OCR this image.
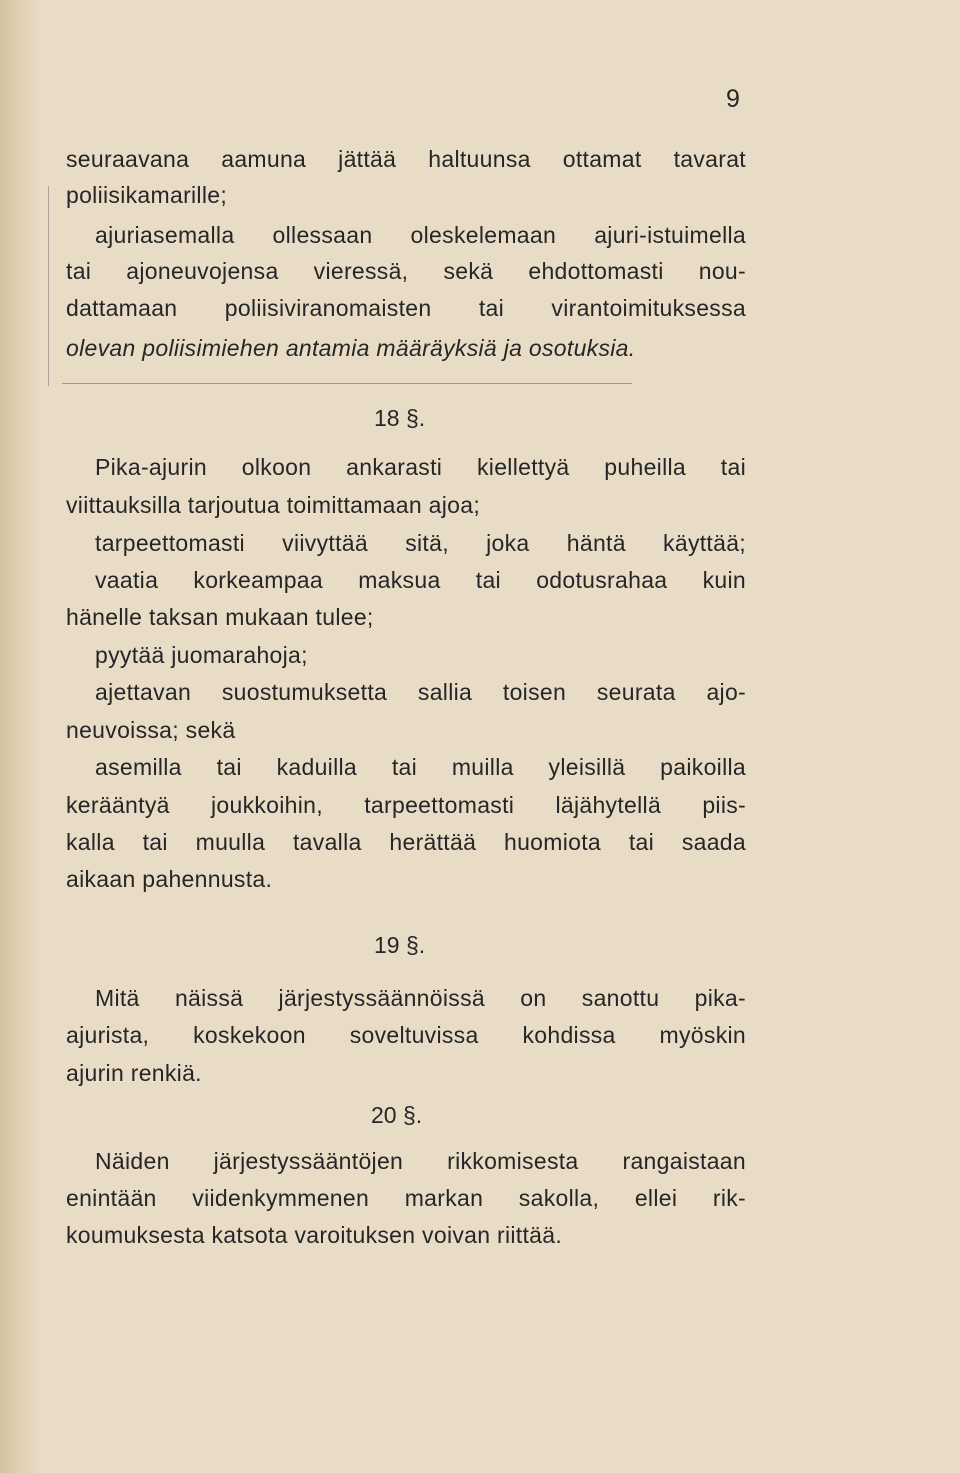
9
seuraavana aamuna jättää haltuunsa ottamat tavarat
poliisikamarille;
ajuriasemalla ollessaan oleskelemaan ajuri-istuimella
tai ajoneuvojensa vieressä, sekä ehdottomasti nou-
dattamaan poliisiviranomaisten tai virantoimituksessa
olevan poliisimiehen antamia määräyksiä ja osotuksia.
18 §.
Pika-ajurin olkoon ankarasti kiellettyä puheilla tai
viittauksilla tarjoutua toimittamaan ajoa;
tarpeettomasti viivyttää sitä, joka häntä käyttää;
vaatia korkeampaa maksua tai odotusrahaa kuin
hänelle taksan mukaan tulee;
pyytää juomarahoja;
ajettavan suostumuksetta sallia toisen seurata ajo-
neuvoissa; sekä
asemilla tai kaduilla tai muilla yleisillä paikoilla
kerääntyä joukkoihin, tarpeettomasti läjähytellä piis-
kalla tai muulla tavalla herättää huomiota tai saada
aikaan pahennusta.
19 §.
Mitä näissä järjestyssäännöissä on sanottu pika-
ajurista, koskekoon soveltuvissa kohdissa myöskin
ajurin renkiä.
20 §.
Näiden järjestyssääntöjen rikkomisesta rangaistaan
enintään viidenkymmenen markan sakolla, ellei rik-
koumuksesta katsota varoituksen voivan riittää.
